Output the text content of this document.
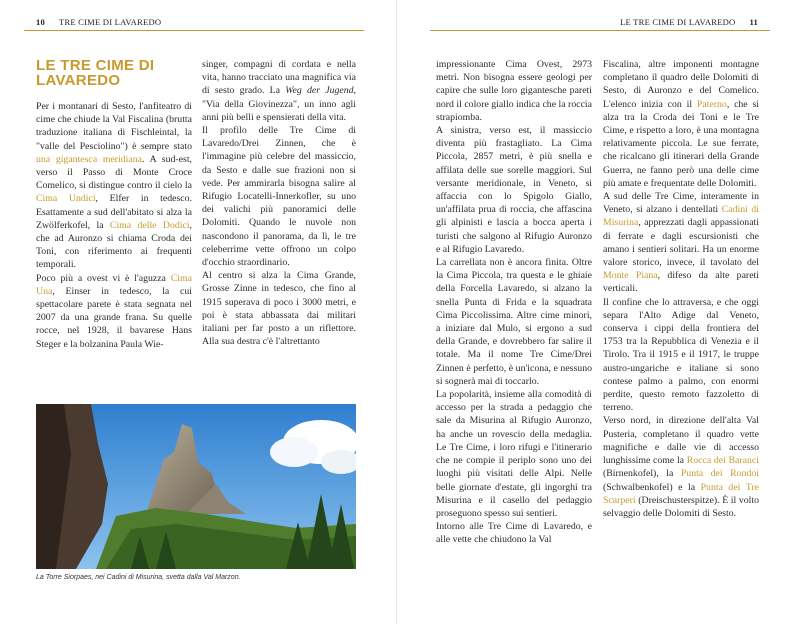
10 TRE CIME DI LAVAREDO
LE TRE CIME DI
LAVAREDO

Per i montanari di Sesto, l'anfiteatro di cime che chiude la Val Fiscalina (brutta traduzione italiana di Fischleintal, la "valle del Pesciolino") è sempre stato una gigantesca meridiana. A sud-est, verso il Passo di Monte Croce Comelico, si distingue contro il cielo la Cima Undici, Elfer in tedesco. Esattamente a sud dell'abitato si alza la Zwölferkofel, la Cima delle Dodici, che ad Auronzo si chiama Croda dei Toni, con riferimento ai frequenti temporali.

Poco più a ovest vi è l'aguzza Cima Una, Einser in tedesco, la cui spettacolare parete è stata segnata nel 2007 da una grande frana. Su quelle rocce, nel 1928, il bavarese Hans Steger e la bolzanina Paula Wie-

singer, compagni di cordata e nella vita, hanno tracciato una magnifica via di sesto grado. La Weg der Jugend, "Via della Giovinezza", un inno agli anni più belli e spensierati della vita.

Il profilo delle Tre Cime di Lavaredo/Drei Zinnen, che è l'immagine più celebre del massiccio, da Sesto e dalle sue frazioni non si vede. Per ammirarla bisogna salire al Rifugio Locatelli-Innerkofler, su uno dei valichi più panoramici delle Dolomiti. Quando le nuvole non nascondono il panorama, da lì, le tre celeberrime vette offrono un colpo d'occhio straordinario.

Al centro si alza la Cima Grande, Grosse Zinne in tedesco, che fino al 1915 superava di poco i 3000 metri, e poi è stata abbassata dai militari italiani per far posto a un riflettore. Alla sua destra c'è l'altrettanto

La Torre Siorpaes, nei Cadini di Misurina, svetta dalla Val Marzon.
LE TRE CIME DI LAVAREDO 11

impressionante Cima Ovest, 2973 metri. Non bisogna essere geologi per capire che sulle loro gigantesche pareti nord il colore giallo indica che la roccia strapiomba.

A sinistra, verso est, il massiccio diventa più frastagliato. La Cima Piccola, 2857 metri, è più snella e affilata delle sue sorelle maggiori. Sul versante meridionale, in Veneto, si affaccia con lo Spigolo Giallo, un'affilata prua di roccia, che affascina gli alpinisti e lascia a bocca aperta i turisti che salgono al Rifugio Auronzo e al Rifugio Lavaredo.

La carrellata non è ancora finita. Oltre la Cima Piccola, tra questa e le ghiaie della Forcella Lavaredo, si alzano la snella Punta di Frida e la squadrata Cima Piccolissima. Altre cime minori, a iniziare dal Mulo, si ergono a sud della Grande, e dovrebbero far salire il totale. Ma il nome Tre Cime/Drei Zinnen è perfetto, è un'icona, e nessuno si sognerà mai di toccarlo.

La popolarità, insieme alla comodità di accesso per la strada a pedaggio che sale da Misurina al Rifugio Auronzo, ha anche un rovescio della medaglia. Le Tre Cime, i loro rifugi e l'itinerario che ne compie il periplo sono uno dei luoghi più visitati delle Alpi. Nelle belle giornate d'estate, gli ingorghi tra Misurina e il casello del pedaggio proseguono spesso sui sentieri.

Intorno alle Tre Cime di Lavaredo, e alle vette che chiudono la Val

Fiscalina, altre imponenti montagne completano il quadro delle Dolomiti di Sesto, di Auronzo e del Comelico. L'elenco inizia con il Paterno, che si alza tra la Croda dei Toni e le Tre Cime, e rispetto a loro, è una montagna relativamente piccola. Le sue ferrate, che ricalcano gli itinerari della Grande Guerra, ne fanno però una delle cime più amate e frequentate delle Dolomiti.

A sud delle Tre Cime, interamente in Veneto, si alzano i dentellati Cadini di Misurina, apprezzati dagli appassionati di ferrate e dagli escursionisti che amano i sentieri solitari. Ha un enorme valore storico, invece, il tavolato del Monte Piana, difeso da alte pareti verticali.

Il confine che lo attraversa, e che oggi separa l'Alto Adige dal Veneto, conserva i cippi della frontiera del 1753 tra la Repubblica di Venezia e il Tirolo. Tra il 1915 e il 1917, le truppe austro-ungariche e italiane si sono contese palmo a palmo, con enormi perdite, questo remoto fazzoletto di terreno.

Verso nord, in direzione dell'alta Val Pusteria, completano il quadro vette magnifiche e dalle vie di accesso lunghissime come la Rocca dei Baranci (Birnenkofel), la Punta dei Rondoi (Schwalbenkofel) e la Punta dei Tre Scarperi (Dreischusterspitze). È il volto selvaggio delle Dolomiti di Sesto.
